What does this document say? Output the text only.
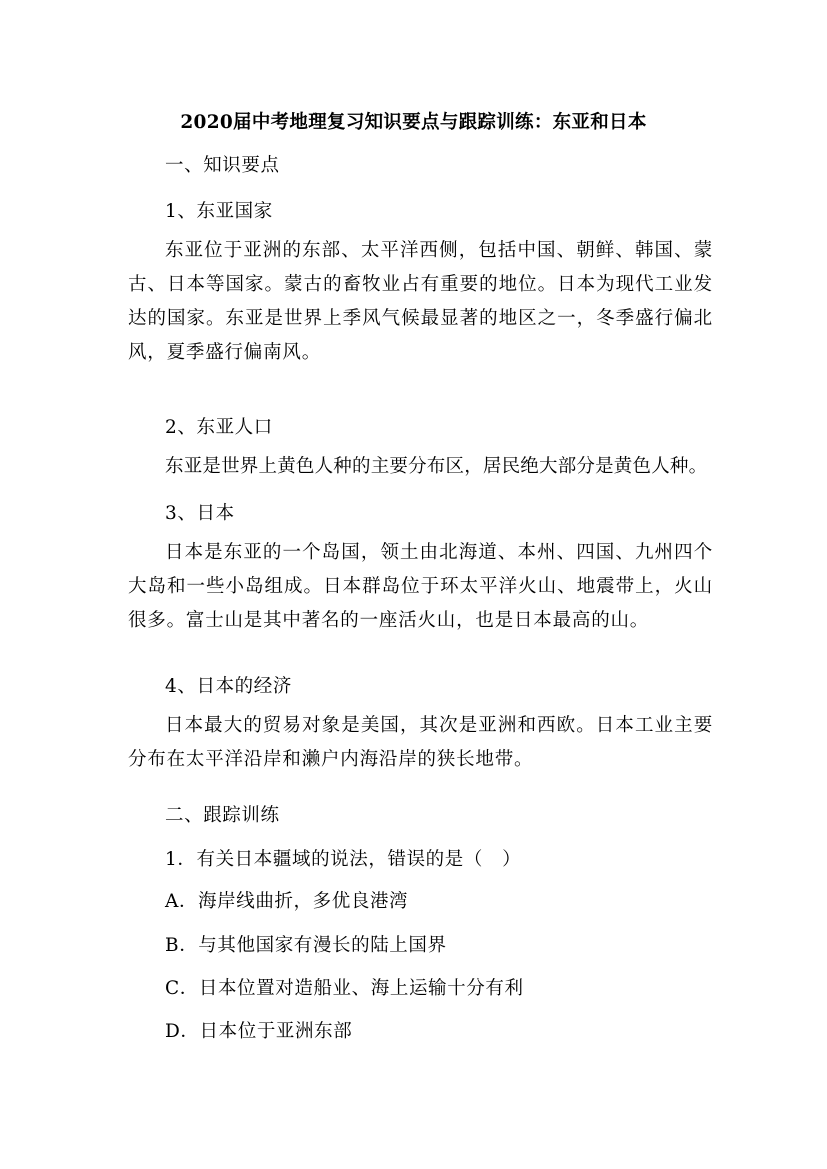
2020届中考地理复习知识要点与跟踪训练：东亚和日本
一、知识要点
1、东亚国家
东亚位于亚洲的东部、太平洋西侧，包括中国、朝鲜、韩国、蒙古、日本等国家。蒙古的畜牧业占有重要的地位。日本为现代工业发达的国家。东亚是世界上季风气候最显著的地区之一，冬季盛行偏北风，夏季盛行偏南风。
2、东亚人口
东亚是世界上黄色人种的主要分布区，居民绝大部分是黄色人种。
3、日本
日本是东亚的一个岛国，领土由北海道、本州、四国、九州四个大岛和一些小岛组成。日本群岛位于环太平洋火山、地震带上，火山很多。富士山是其中著名的一座活火山，也是日本最高的山。
4、日本的经济
日本最大的贸易对象是美国，其次是亚洲和西欧。日本工业主要分布在太平洋沿岸和濑户内海沿岸的狭长地带。
二、跟踪训练
1．有关日本疆域的说法，错误的是（　）
A．海岸线曲折，多优良港湾
B．与其他国家有漫长的陆上国界
C．日本位置对造船业、海上运输十分有利
D．日本位于亚洲东部
